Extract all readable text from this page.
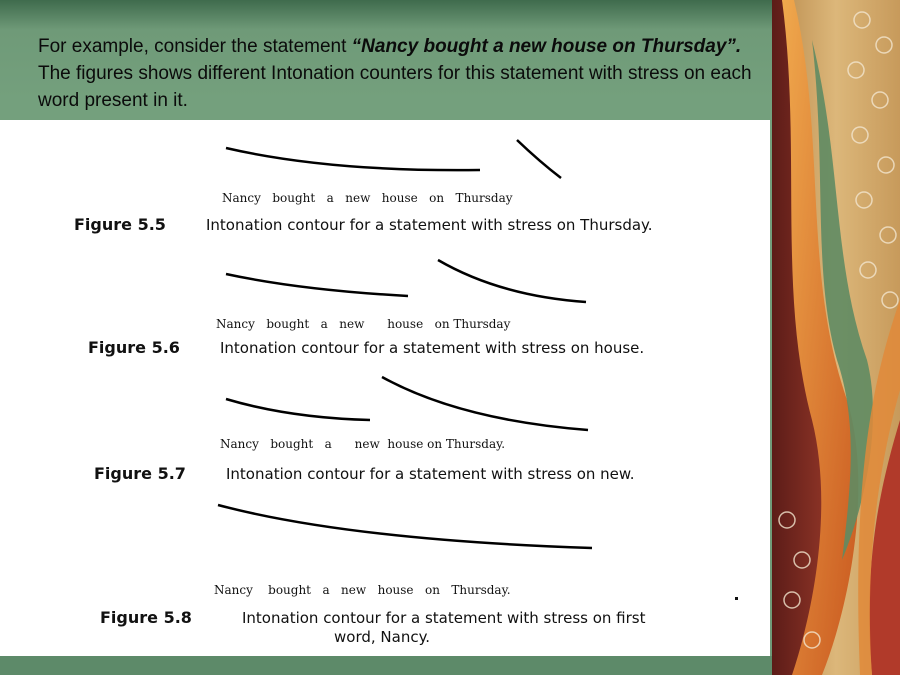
For example, consider the statement “Nancy bought a new house on Thursday”. The figures shows different Intonation counters for this statement with stress on each word present in it.

Nancy   bought   a   new   house   on   Thursday
Figure 5.5	Intonation contour for a statement with stress on Thursday.
Nancy   bought   a   new      house   on Thursday
Figure 5.6	Intonation contour for a statement with stress on house.
Nancy   bought   a      new  house on Thursday.
Figure 5.7	Intonation contour for a statement with stress on new.
Nancy    bought   a   new   house   on   Thursday.
Figure 5.8	Intonation contour for a statement with stress on first
word, Nancy.
